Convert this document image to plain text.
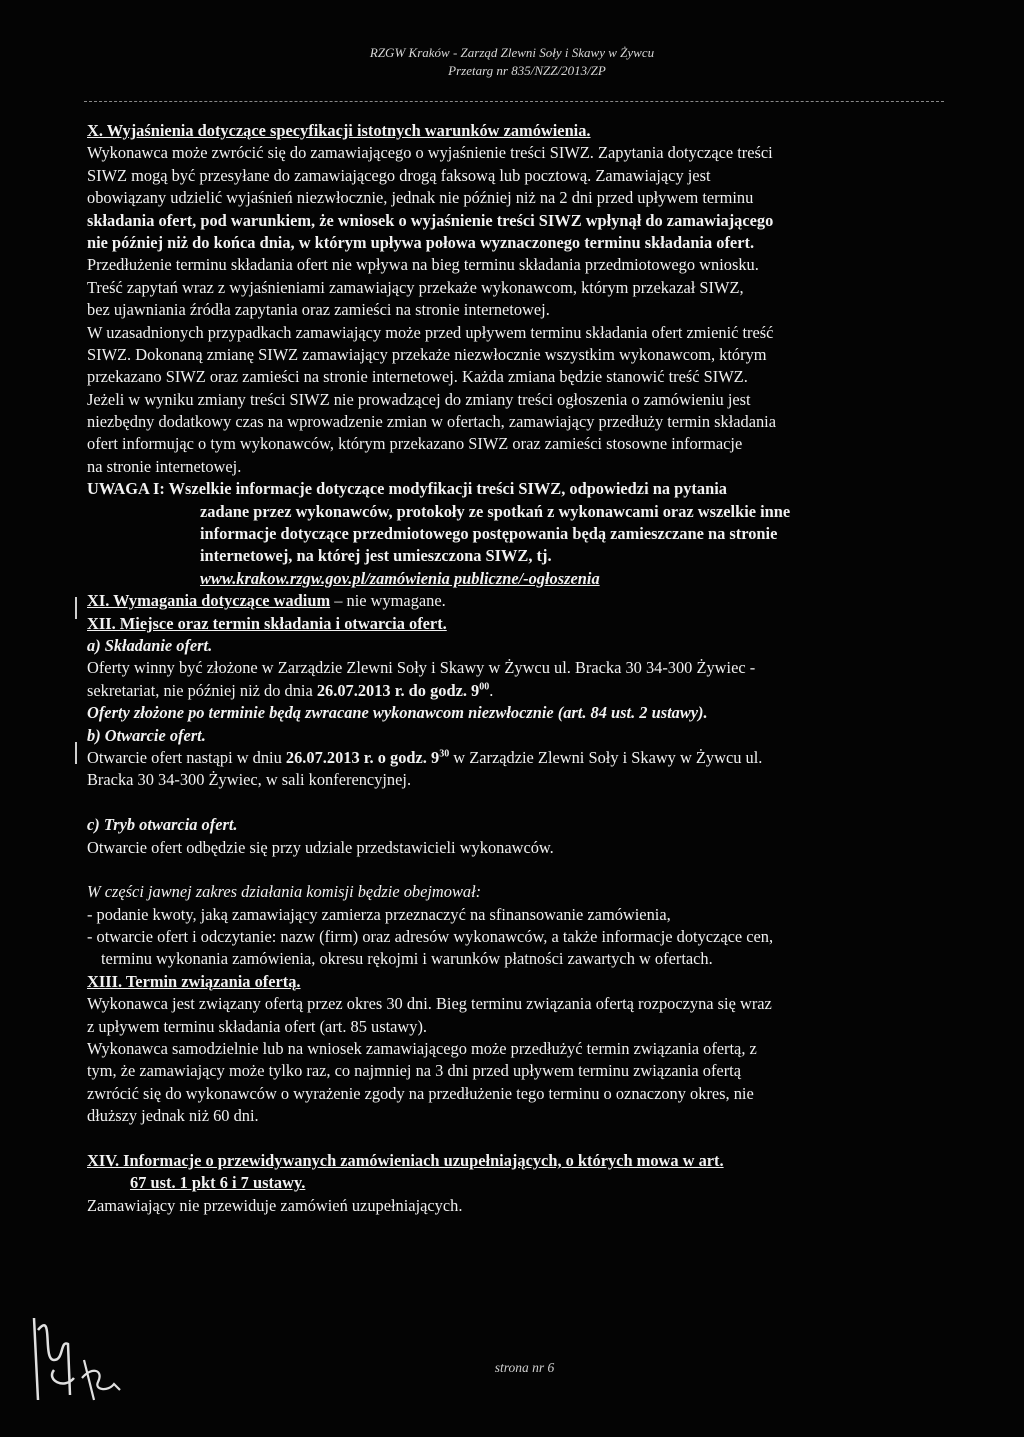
RZGW Kraków - Zarząd Zlewni Soły i Skawy w Żywcu
Przetarg nr 835/NZZ/2013/ZP
X. Wyjaśnienia dotyczące specyfikacji istotnych warunków zamówienia.
Wykonawca może zwrócić się do zamawiającego o wyjaśnienie treści SIWZ. Zapytania dotyczące treści
SIWZ mogą być przesyłane do zamawiającego drogą faksową lub pocztową. Zamawiający jest
obowiązany udzielić wyjaśnień niezwłocznie, jednak nie później niż na 2 dni przed upływem terminu
składania ofert, pod warunkiem, że wniosek o wyjaśnienie treści SIWZ wpłynął do zamawiającego
nie później niż do końca dnia, w którym upływa połowa wyznaczonego terminu składania ofert.
Przedłużenie terminu składania ofert nie wpływa na bieg terminu składania przedmiotowego wniosku.
Treść zapytań wraz z wyjaśnieniami zamawiający przekaże wykonawcom, którym przekazał SIWZ,
bez ujawniania źródła zapytania oraz zamieści na stronie internetowej.
W uzasadnionych przypadkach zamawiający może przed upływem terminu składania ofert zmienić treść
SIWZ. Dokonaną zmianę SIWZ zamawiający przekaże niezwłocznie wszystkim wykonawcom, którym
przekazano SIWZ oraz zamieści na stronie internetowej. Każda zmiana będzie stanowić treść SIWZ.
Jeżeli w wyniku zmiany treści SIWZ nie prowadzącej do zmiany treści ogłoszenia o zamówieniu jest
niezbędny dodatkowy czas na wprowadzenie zmian w ofertach, zamawiający przedłuży termin składania
ofert informując o tym wykonawców, którym przekazano SIWZ oraz zamieści stosowne informacje
na stronie internetowej.
UWAGA I: Wszelkie informacje dotyczące modyfikacji treści SIWZ, odpowiedzi na pytania
zadane przez wykonawców, protokoły ze spotkań z wykonawcami oraz wszelkie inne
informacje dotyczące przedmiotowego postępowania będą zamieszczane na stronie
internetowej, na której jest umieszczona SIWZ, tj.
www.krakow.rzgw.gov.pl/zamówienia publiczne/-ogłoszenia
XI. Wymagania dotyczące wadium – nie wymagane.
XII. Miejsce oraz termin składania i otwarcia ofert.
a) Składanie ofert.
Oferty winny być złożone w Zarządzie Zlewni Soły i Skawy w Żywcu ul. Bracka 30 34-300 Żywiec -
sekretariat, nie później niż do dnia 26.07.2013 r. do godz. $9^{00}$.
Oferty złożone po terminie będą zwracane wykonawcom niezwłocznie (art. 84 ust. 2 ustawy).
b) Otwarcie ofert.
Otwarcie ofert nastąpi w dniu 26.07.2013 r. o godz. $9^{30}$ w Zarządzie Zlewni Soły i Skawy w Żywcu ul.
Bracka 30 34-300 Żywiec, w sali konferencyjnej.
c) Tryb otwarcia ofert.
Otwarcie ofert odbędzie się przy udziale przedstawicieli wykonawców.
W części jawnej zakres działania komisji będzie obejmował:
- podanie kwoty, jaką zamawiający zamierza przeznaczyć na sfinansowanie zamówienia,
- otwarcie ofert i odczytanie: nazw (firm) oraz adresów wykonawców, a także informacje dotyczące cen,
terminu wykonania zamówienia, okresu rękojmi i warunków płatności zawartych w ofertach.
XIII. Termin związania ofertą.
Wykonawca jest związany ofertą przez okres 30 dni. Bieg terminu związania ofertą rozpoczyna się wraz
z upływem terminu składania ofert (art. 85 ustawy).
Wykonawca samodzielnie lub na wniosek zamawiającego może przedłużyć termin związania ofertą, z
tym, że zamawiający może tylko raz, co najmniej na 3 dni przed upływem terminu związania ofertą
zwrócić się do wykonawców o wyrażenie zgody na przedłużenie tego terminu o oznaczony okres, nie
dłuższy jednak niż 60 dni.
XIV. Informacje o przewidywanych zamówieniach uzupełniających, o których mowa w art.
67 ust. 1 pkt 6 i 7 ustawy.
Zamawiający nie przewiduje zamówień uzupełniających.
strona nr 6
